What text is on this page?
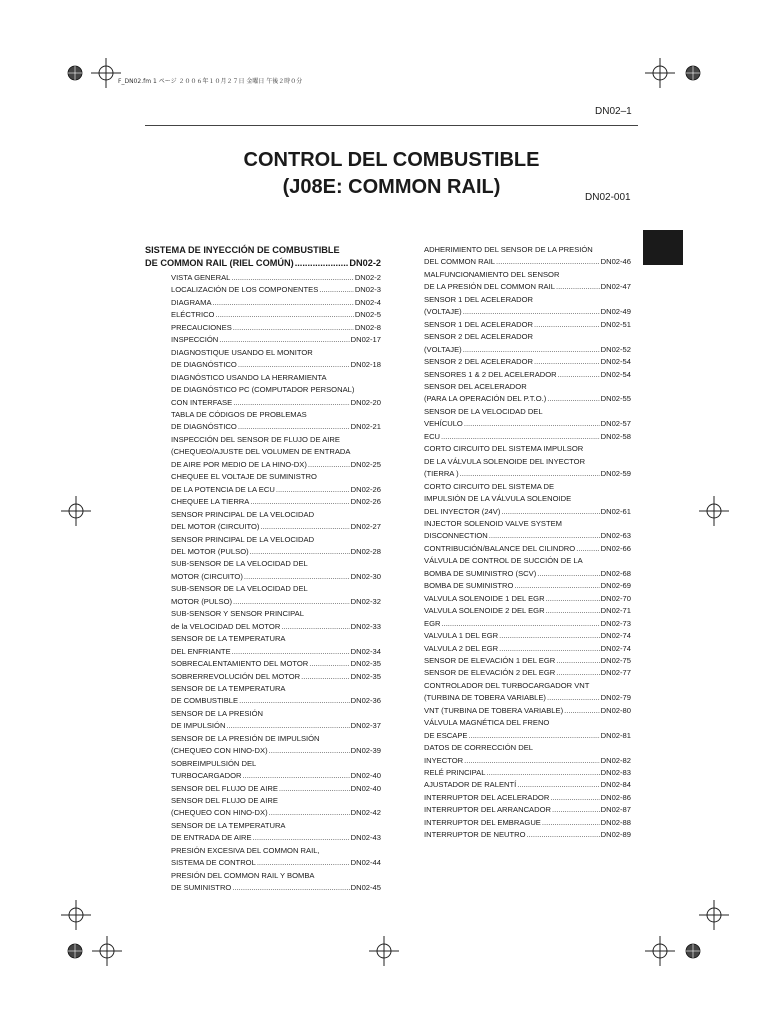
F_DN02.fm 1 ページ ２００６年１０月２７日 金曜日 午後２時０分
DN02–1
CONTROL DEL COMBUSTIBLE
(J08E: COMMON RAIL)	DN02-001
SISTEMA DE INYECCIÓN DE COMBUSTIBLE
DE COMMON RAIL (RIEL COMÚN) .....	DN02-2
VISTA GENERAL .....	DN02-2
LOCALIZACIÓN DE LOS COMPONENTES .....	DN02-3
DIAGRAMA .....	DN02-4
ELÉCTRICO .....	DN02-5
PRECAUCIONES .....	DN02-8
INSPECCIÓN .....	DN02-17
DIAGNOSTIQUE USANDO EL MONITOR
DE DIAGNÓSTICO .....	DN02-18
DIAGNÓSTICO USANDO LA HERRAMIENTA
DE DIAGNÓSTICO PC (COMPUTADOR PERSONAL)
CON INTERFASE .....	DN02-20
TABLA DE CÓDIGOS DE PROBLEMAS
DE DIAGNÓSTICO .....	DN02-21
INSPECCIÓN DEL SENSOR DE FLUJO DE AIRE
(CHEQUEO/AJUSTE DEL VOLUMEN DE ENTRADA
DE AIRE POR MEDIO DE LA HINO-DX) .....	DN02-25
CHEQUEE EL VOLTAJE DE SUMINISTRO
DE LA POTENCIA DE LA ECU .....	DN02-26
CHEQUEE LA TIERRA .....	DN02-26
SENSOR PRINCIPAL DE LA VELOCIDAD
DEL MOTOR (CIRCUITO) .....	DN02-27
SENSOR PRINCIPAL DE LA VELOCIDAD
DEL MOTOR (PULSO) .....	DN02-28
SUB-SENSOR DE LA VELOCIDAD DEL
MOTOR (CIRCUITO) .....	DN02-30
SUB-SENSOR DE LA VELOCIDAD DEL
MOTOR (PULSO) .....	DN02-32
SUB-SENSOR Y SENSOR PRINCIPAL
de la VELOCIDAD DEL MOTOR .....	DN02-33
SENSOR DE LA TEMPERATURA
DEL ENFRIANTE .....	DN02-34
SOBRECALENTAMIENTO DEL MOTOR .....	DN02-35
SOBRERREVOLUCIÓN DEL MOTOR .....	DN02-35
SENSOR DE LA TEMPERATURA
DE COMBUSTIBLE .....	DN02-36
SENSOR DE LA PRESIÓN
DE IMPULSIÓN .....	DN02-37
SENSOR DE LA PRESIÓN DE IMPULSIÓN
(CHEQUEO CON HINO-DX) .....	DN02-39
SOBREIMPULSIÓN DEL
TURBOCARGADOR .....	DN02-40
SENSOR DEL FLUJO DE AIRE .....	DN02-40
SENSOR DEL FLUJO DE AIRE
(CHEQUEO CON HINO-DX) .....	DN02-42
SENSOR DE LA TEMPERATURA
DE ENTRADA DE AIRE .....	DN02-43
PRESIÓN EXCESIVA DEL COMMON RAIL,
SISTEMA DE CONTROL .....	DN02-44
PRESIÓN DEL COMMON RAIL Y BOMBA
DE SUMINISTRO .....	DN02-45
ADHERIMIENTO DEL SENSOR DE LA PRESIÓN
DEL COMMON RAIL .....	DN02-46
MALFUNCIONAMIENTO DEL SENSOR
DE LA PRESIÓN DEL COMMON RAIL .....	DN02-47
SENSOR 1 DEL ACELERADOR
(VOLTAJE) .....	DN02-49
SENSOR 1 DEL ACELERADOR .....	DN02-51
SENSOR 2 DEL ACELERADOR
(VOLTAJE) .....	DN02-52
SENSOR 2 DEL ACELERADOR .....	DN02-54
SENSORES 1 & 2 DEL ACELERADOR .....	DN02-54
SENSOR DEL ACELERADOR
(PARA LA OPERACIÓN DEL P.T.O.) .....	DN02-55
SENSOR DE LA VELOCIDAD DEL
VEHÍCULO .....	DN02-57
ECU .....	DN02-58
CORTO CIRCUITO DEL SISTEMA IMPULSOR
DE LA VÁLVULA SOLENOIDE DEL INYECTOR
(TIERRA ) .....	DN02-59
CORTO CIRCUITO DEL SISTEMA DE
IMPULSIÓN DE LA VÁLVULA SOLENOIDE
DEL INYECTOR (24V) .....	DN02-61
INJECTOR SOLENOID VALVE SYSTEM
DISCONNECTION .....	DN02-63
CONTRIBUCIÓN/BALANCE DEL CILINDRO .....	DN02-66
VÁLVULA DE CONTROL DE SUCCIÓN DE LA
BOMBA DE SUMINISTRO (SCV) .....	DN02-68
BOMBA DE SUMINISTRO .....	DN02-69
VALVULA SOLENOIDE 1 DEL EGR .....	DN02-70
VALVULA SOLENOIDE 2 DEL EGR .....	DN02-71
EGR .....	DN02-73
VALVULA 1 DEL EGR .....	DN02-74
VALVULA 2 DEL EGR .....	DN02-74
SENSOR DE ELEVACIÓN 1 DEL EGR .....	DN02-75
SENSOR DE ELEVACIÓN 2 DEL EGR .....	DN02-77
CONTROLADOR DEL TURBOCARGADOR VNT
(TURBINA DE TOBERA VARIABLE) .....	DN02-79
VNT (TURBINA DE TOBERA VARIABLE) .....	DN02-80
VÁLVULA MAGNÉTICA DEL FRENO
DE ESCAPE .....	DN02-81
DATOS DE CORRECCIÓN DEL
INYECTOR .....	DN02-82
RELÉ PRINCIPAL .....	DN02-83
AJUSTADOR DE RALENTÍ .....	DN02-84
INTERRUPTOR DEL ACELERADOR .....	DN02-86
INTERRUPTOR DEL ARRANCADOR .....	DN02-87
INTERRUPTOR DEL EMBRAGUE .....	DN02-88
INTERRUPTOR DE NEUTRO .....	DN02-89
